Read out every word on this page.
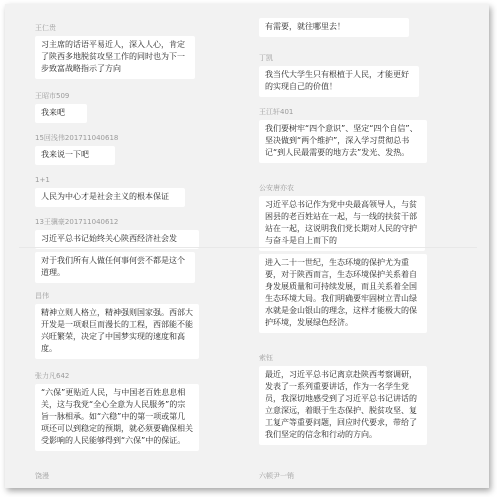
王仁贵
习主席的话语平易近人，深入人心，肯定了陕西多地脱贫攻坚工作的同时也为下一步致富战略指示了方向
王昭市509
我来吧
15回浅伟201711040618
我来说一下吧
1+1
人民为中心才是社会主义的根本保证
13王骥豪201711040612
习近平总书记始终关心陕西经济社会发
对于我们所有人做任何事何尝不都是这个道理。
昌伟
精神立则人格立，精神强则国家强。西部大开发是一项艰巨而漫长的工程，西部能不能兴旺繁荣，决定了中国梦实现的速度和高度。
张力凡642
“六保”更贴近人民，与中国老百姓息息相关，这与我党“全心全意为人民服务”的宗旨一脉相承。如“六稳”中的第一项或第几项还可以到稳定的预期，就必须要确保相关受影响的人民能够得到“六保”中的保证。
饶漫
有需要，就往哪里去！
丁凯
我当代大学生只有根植于人民，才能更好的实现自己的价值！
王江轩401
我们要树牢“四个意识”、坚定“四个自信”、坚决做到“两个维护”，深入学习贯彻总书记“到人民最需要的地方去”发光、发热。
公安唐亦农
习近平总书记作为党中央最高领导人，与贫困县的老百姓站在一起，与一线的扶贫干部站在一起，这说明我们党长期对人民的守护与奋斗是自上而下的
进入二十一世纪，生态环境的保护尤为重要，对于陕西而言，生态环境保护关系着自身发展质量和可持续发展，而且关系着全国生态环境大局。我们明确要牢固树立青山绿水就是金山银山的理念，这样才能极大的保护环境，发展绿色经济。
索钰
最近，习近平总书记离京赴陕西考察调研，发表了一系列重要讲话，作为一名学生党员，我深切地感受到了习近平总书记讲话的立意深远，着眼于生态保护、脱贫攻坚、复工复产等重要问题，回应时代要求，带给了我们坚定的信念和行动的方向。
六顿尹一销
